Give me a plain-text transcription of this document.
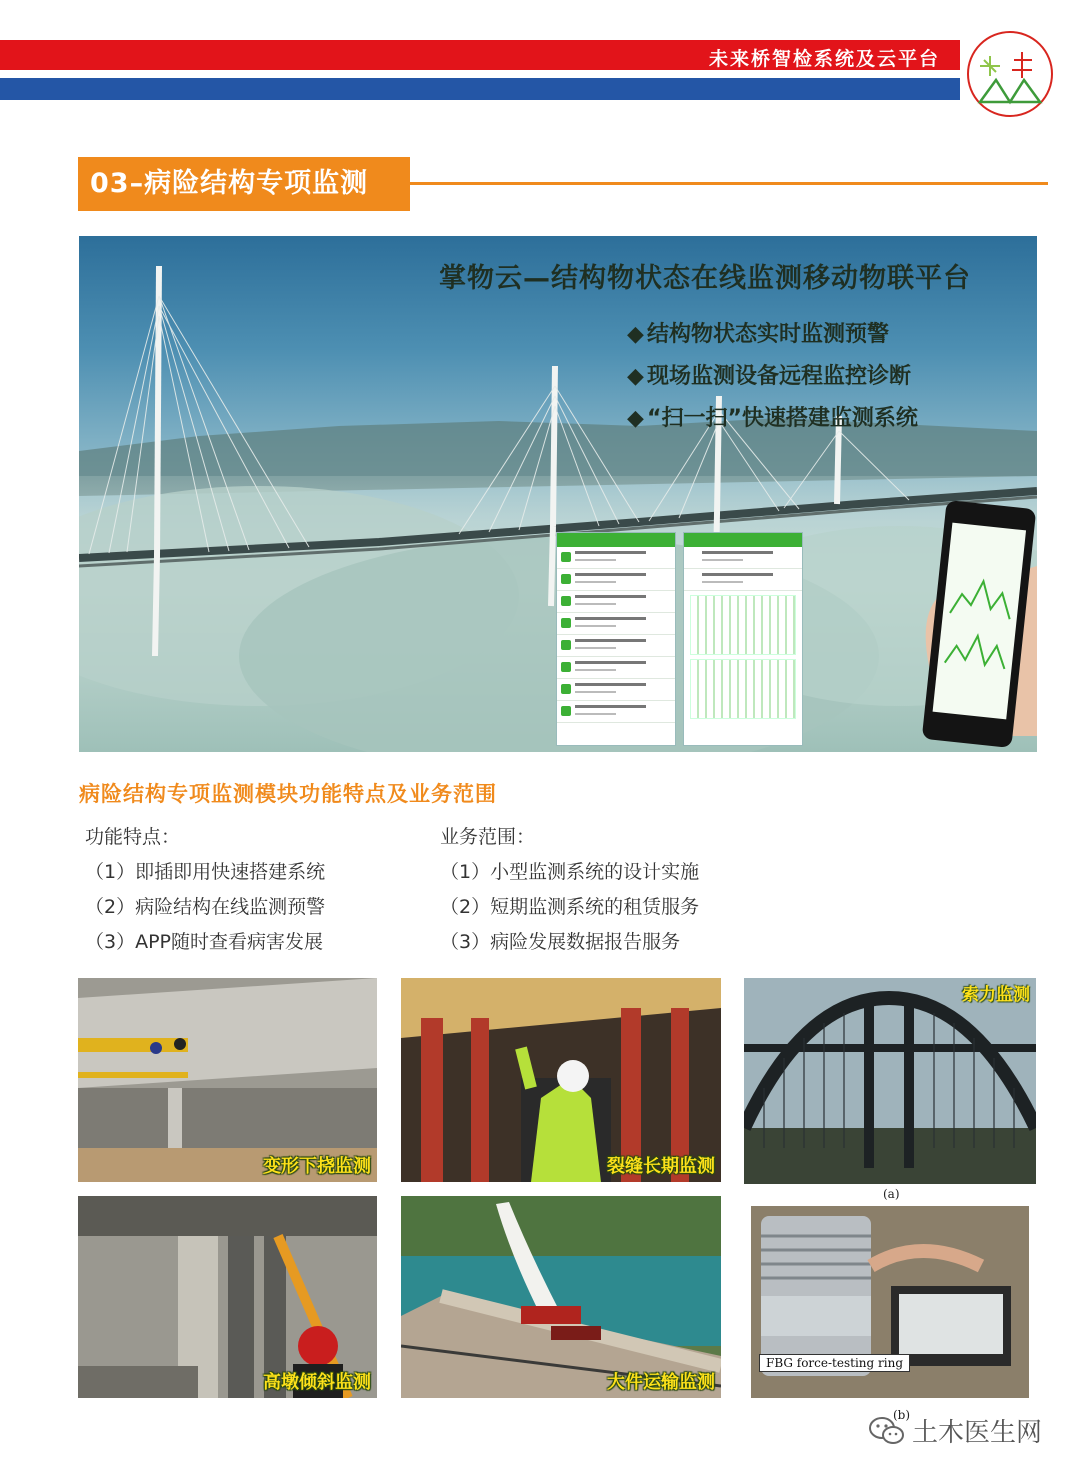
未来桥智检系统及云平台
03–病险结构专项监测
掌物云—结构物状态在线监测移动物联平台
◆ 结构物状态实时监测预警
◆ 现场监测设备远程监控诊断
◆ “扫一扫”快速搭建监测系统
病险结构专项监测模块功能特点及业务范围
功能特点：
（1）即插即用快速搭建系统
（2）病险结构在线监测预警
（3）APP随时查看病害发展
业务范围：
（1）小型监测系统的设计实施
（2）短期监测系统的租赁服务
（3）病险发展数据报告服务
变形下挠监测	裂缝长期监测
索力监测
(a)
高墩倾斜监测	大件运输监测
FBG force-testing ring
(b)
土木医生网
